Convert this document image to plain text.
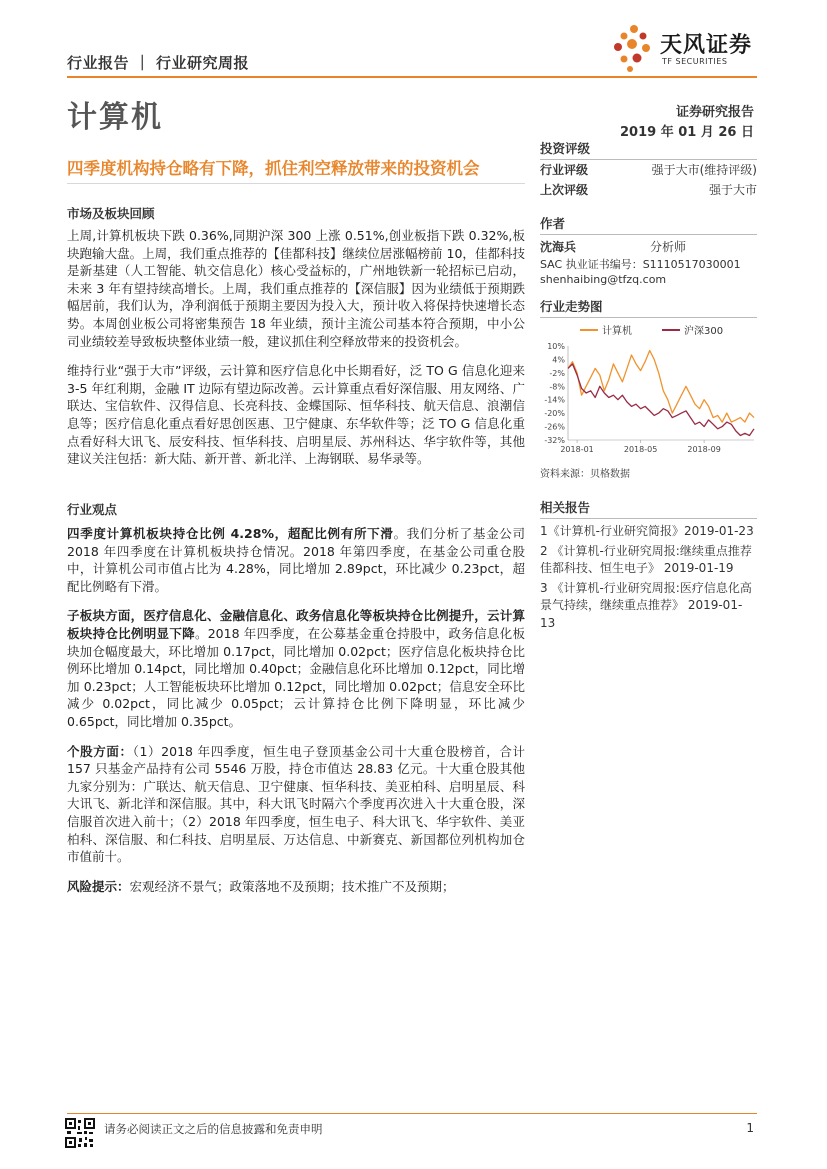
行业报告 ｜ 行业研究周报
天风证券
TF SECURITIES
计算机	证券研究报告
2019 年 01 月 26 日
四季度机构持仓略有下降，抓住利空释放带来的投资机会
市场及板块回顾

上周,计算机板块下跌 0.36%,同期沪深 300 上涨 0.51%,创业板指下跌 0.32%,板块跑输大盘。上周，我们重点推荐的【佳都科技】继续位居涨幅榜前 10，佳都科技是新基建（人工智能、轨交信息化）核心受益标的，广州地铁新一轮招标已启动，未来 3 年有望持续高增长。上周，我们重点推荐的【深信服】因为业绩低于预期跌幅居前，我们认为，净利润低于预期主要因为投入大，预计收入将保持快速增长态势。本周创业板公司将密集预告 18 年业绩，预计主流公司基本符合预期，中小公司业绩较差导致板块整体业绩一般，建议抓住利空释放带来的投资机会。

维持行业“强于大市”评级，云计算和医疗信息化中长期看好，泛 TO G 信息化迎来 3-5 年红利期，金融 IT 边际有望边际改善。云计算重点看好深信服、用友网络、广联达、宝信软件、汉得信息、长亮科技、金蝶国际、恒华科技、航天信息、浪潮信息等；医疗信息化重点看好思创医惠、卫宁健康、东华软件等；泛 TO G 信息化重点看好科大讯飞、辰安科技、恒华科技、启明星辰、苏州科达、华宇软件等，其他建议关注包括：新大陆、新开普、新北洋、上海钢联、易华录等。

行业观点

四季度计算机板块持仓比例 4.28%，超配比例有所下滑。我们分析了基金公司 2018 年四季度在计算机板块持仓情况。2018 年第四季度，在基金公司重仓股中，计算机公司市值占比为 4.28%，同比增加 2.89pct，环比减少 0.23pct，超配比例略有下滑。

子板块方面，医疗信息化、金融信息化、政务信息化等板块持仓比例提升，云计算板块持仓比例明显下降。2018 年四季度，在公募基金重仓持股中，政务信息化板块加仓幅度最大，环比增加 0.17pct，同比增加 0.02pct；医疗信息化板块持仓比例环比增加 0.14pct，同比增加 0.40pct；金融信息化环比增加 0.12pct，同比增加 0.23pct；人工智能板块环比增加 0.12pct，同比增加 0.02pct；信息安全环比减少 0.02pct，同比减少 0.05pct；云计算持仓比例下降明显，环比减少 0.65pct，同比增加 0.35pct。

个股方面：（1）2018 年四季度，恒生电子登顶基金公司十大重仓股榜首，合计 157 只基金产品持有公司 5546 万股，持仓市值达 28.83 亿元。十大重仓股其他九家分别为：广联达、航天信息、卫宁健康、恒华科技、美亚柏科、启明星辰、科大讯飞、新北洋和深信服。其中，科大讯飞时隔六个季度再次进入十大重仓股，深信服首次进入前十；（2）2018 年四季度，恒生电子、科大讯飞、华宇软件、美亚柏科、深信服、和仁科技、启明星辰、万达信息、中新赛克、新国都位列机构加仓市值前十。

风险提示：宏观经济不景气；政策落地不及预期；技术推广不及预期；

投资评级
行业评级	强于大市(维持评级)
上次评级	强于大市
作者
沈海兵	分析师
SAC 执业证书编号：S1110517030001
shenhaibing@tfzq.com
行业走势图
计算机	沪深300
10%
4%
-2%
-8%
-14%
-20%
-26%
-32%
2018-01	2018-05	2018-09
资料来源：贝格数据
相关报告
1《计算机-行业研究简报》2019-01-23
2 《计算机-行业研究周报:继续重点推荐佳都科技、恒生电子》 2019-01-19
3 《计算机-行业研究周报:医疗信息化高景气持续，继续重点推荐》 2019-01-13
请务必阅读正文之后的信息披露和免责申明	1
